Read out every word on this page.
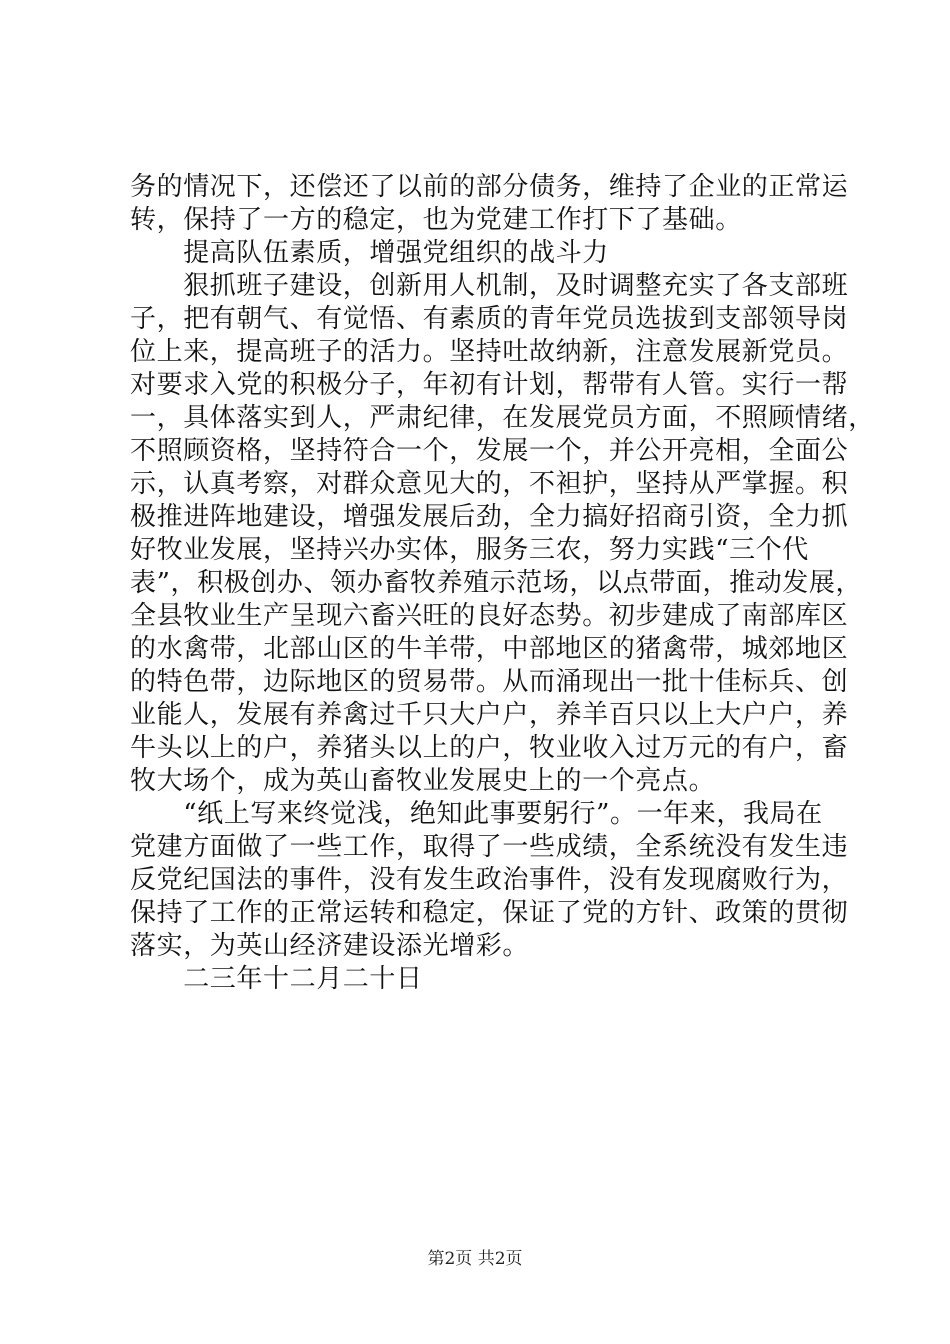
务的情况下，还偿还了以前的部分债务，维持了企业的正常运
转，保持了一方的稳定，也为党建工作打下了基础。
　　提高队伍素质，增强党组织的战斗力
　　狠抓班子建设，创新用人机制，及时调整充实了各支部班
子，把有朝气、有觉悟、有素质的青年党员选拔到支部领导岗
位上来，提高班子的活力。坚持吐故纳新，注意发展新党员。
对要求入党的积极分子，年初有计划，帮带有人管。实行一帮
一，具体落实到人，严肃纪律，在发展党员方面，不照顾情绪，
不照顾资格，坚持符合一个，发展一个，并公开亮相，全面公
示，认真考察，对群众意见大的，不袒护，坚持从严掌握。积
极推进阵地建设，增强发展后劲，全力搞好招商引资，全力抓
好牧业发展，坚持兴办实体，服务三农，努力实践“三个代
表”，积极创办、领办畜牧养殖示范场，以点带面，推动发展，
全县牧业生产呈现六畜兴旺的良好态势。初步建成了南部库区
的水禽带，北部山区的牛羊带，中部地区的猪禽带，城郊地区
的特色带，边际地区的贸易带。从而涌现出一批十佳标兵、创
业能人，发展有养禽过千只大户户，养羊百只以上大户户，养
牛头以上的户，养猪头以上的户，牧业收入过万元的有户，畜
牧大场个，成为英山畜牧业发展史上的一个亮点。
　　“纸上写来终觉浅，绝知此事要躬行”。一年来，我局在
党建方面做了一些工作，取得了一些成绩，全系统没有发生违
反党纪国法的事件，没有发生政治事件，没有发现腐败行为，
保持了工作的正常运转和稳定，保证了党的方针、政策的贯彻
落实，为英山经济建设添光增彩。
　　二三年十二月二十日
第2页 共2页
